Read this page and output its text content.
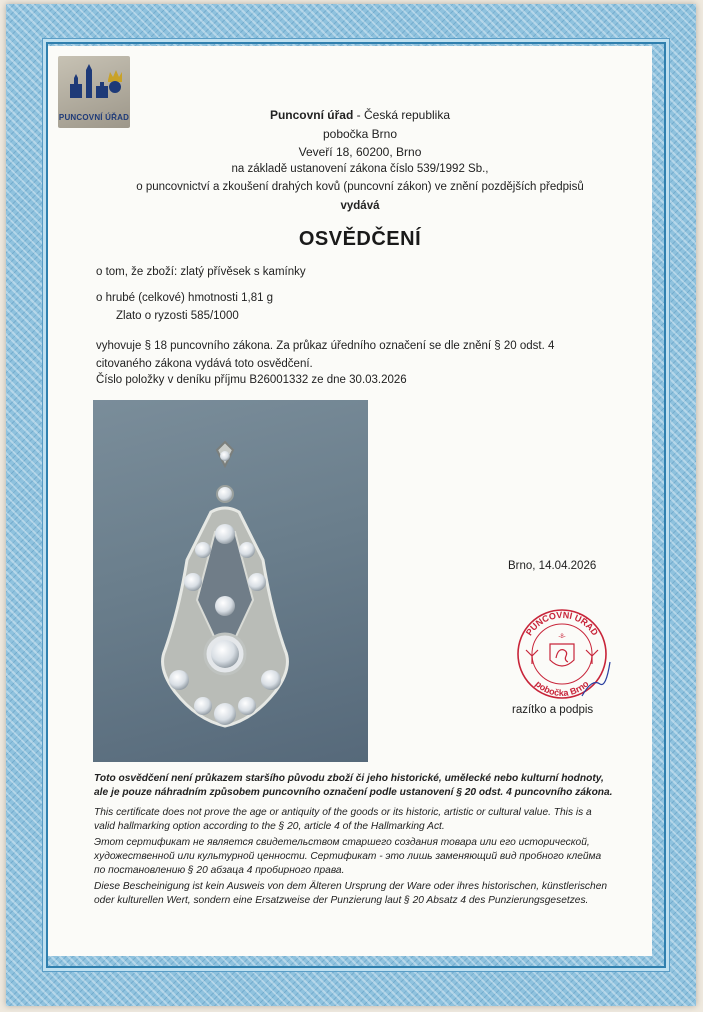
PUNCOVNÍ ÚŘAD	Puncovní úřad - Česká republika
pobočka Brno
Veveří 18, 60200, Brno
na základě ustanovení zákona číslo 539/1992 Sb.,
o puncovnictví a zkoušení drahých kovů (puncovní zákon) ve znění pozdějších předpisů
vydává
OSVĚDČENÍ
o tom, že zboží: zlatý přívěsek s kamínky
o hrubé (celkové) hmotnosti 1,81 g
Zlato o ryzosti 585/1000
vyhovuje § 18 puncovního zákona. Za průkaz úředního označení se dle znění § 20 odst. 4 citovaného zákona vydává toto osvědčení.
Číslo položky v deníku příjmu B26001332 ze dne 30.03.2026
Brno, 14.04.2026
PUNCOVNÍ ÚŘAD
pobočka Brno
-8-
razítko a podpis
Toto osvědčení není průkazem staršího původu zboží či jeho historické, umělecké nebo kulturní hodnoty, ale je pouze náhradním způsobem puncovního označení podle ustanovení § 20 odst. 4 puncovního zákona.
This certificate does not prove the age or antiquity of the goods or its historic, artistic or cultural value. This is a valid hallmarking option according to the § 20, article 4 of the Hallmarking Act.
Этот сертификат не является свидетельством старшего создания товара или его исторической, художественной или культурной ценности. Сертификат - это лишь заменяющий вид пробного клейма по постановлению § 20 абзаца 4 пробирного права.
Diese Bescheinigung ist kein Ausweis von dem Älteren Ursprung der Ware oder ihres historischen, künstlerischen oder kulturellen Wert, sondern eine Ersatzweise der Punzierung laut § 20 Absatz 4 des Punzierungsgesetzes.
